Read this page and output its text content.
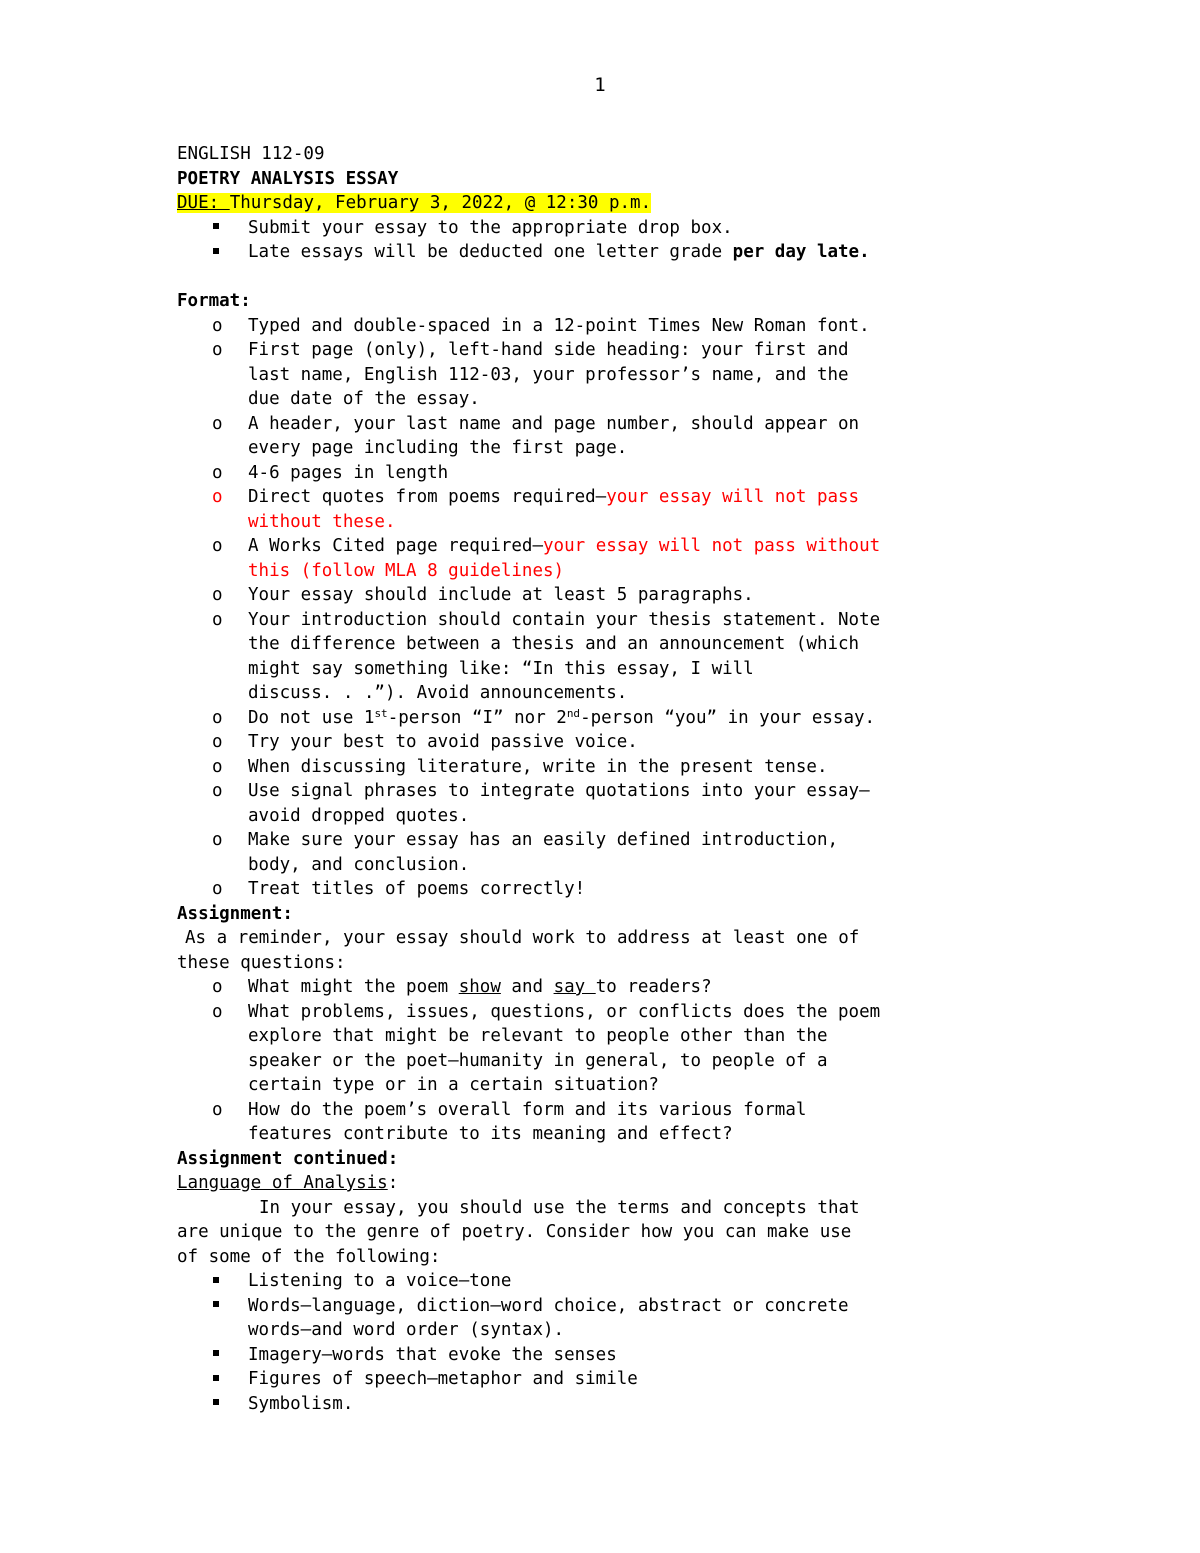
1
ENGLISH 112-09
POETRY ANALYSIS ESSAY
DUE: Thursday, February 3, 2022, @ 12:30 p.m.
Submit your essay to the appropriate drop box.
Late essays will be deducted one letter grade per day late.
Format:
o Typed and double-spaced in a 12-point Times New Roman font.
o First page (only), left-hand side heading: your first and
last name, English 112-03, your professor’s name, and the
due date of the essay.
o A header, your last name and page number, should appear on
every page including the first page.
o 4-6 pages in length
o Direct quotes from poems required—your essay will not pass
without these.
o A Works Cited page required—your essay will not pass without
this (follow MLA 8 guidelines)
o Your essay should include at least 5 paragraphs.
o Your introduction should contain your thesis statement. Note
the difference between a thesis and an announcement (which
might say something like: “In this essay, I will
discuss. . .”). Avoid announcements.
o Do not use 1st-person “I” nor 2nd-person “you” in your essay.
o Try your best to avoid passive voice.
o When discussing literature, write in the present tense.
o Use signal phrases to integrate quotations into your essay—
avoid dropped quotes.
o Make sure your essay has an easily defined introduction,
body, and conclusion.
o Treat titles of poems correctly!
Assignment:
As a reminder, your essay should work to address at least one of
these questions:
o What might the poem show and say to readers?
o What problems, issues, questions, or conflicts does the poem
explore that might be relevant to people other than the
speaker or the poet—humanity in general, to people of a
certain type or in a certain situation?
o How do the poem’s overall form and its various formal
features contribute to its meaning and effect?
Assignment continued:
Language of Analysis:
In your essay, you should use the terms and concepts that
are unique to the genre of poetry. Consider how you can make use
of some of the following:
Listening to a voice—tone
Words—language, diction—word choice, abstract or concrete
words—and word order (syntax).
Imagery—words that evoke the senses
Figures of speech—metaphor and simile
Symbolism.
